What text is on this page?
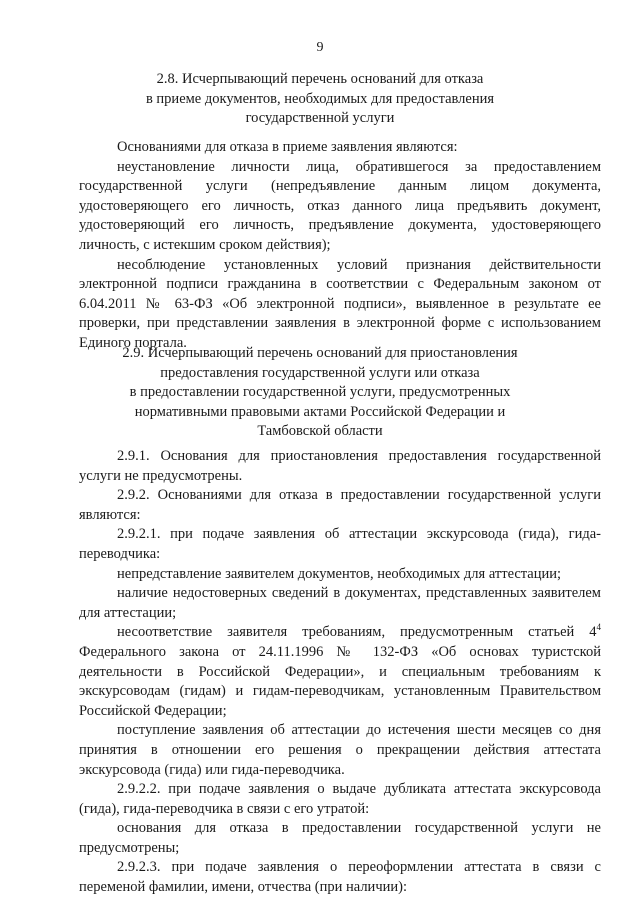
9
2.8. Исчерпывающий перечень оснований для отказа
в приеме документов, необходимых для предоставления
государственной услуги

Основаниями для отказа в приеме заявления являются:

неустановление личности лица, обратившегося за предоставлением государственной услуги (непредъявление данным лицом документа, удостоверяющего его личность, отказ данного лица предъявить документ, удостоверяющий его личность, предъявление документа, удостоверяющего личность, с истекшим сроком действия);

несоблюдение установленных условий признания действительности электронной подписи гражданина в соответствии с Федеральным законом от 6.04.2011 № 63-ФЗ «Об электронной подписи», выявленное в результате ее проверки, при представлении заявления в электронной форме с использованием Единого портала.

2.9. Исчерпывающий перечень оснований для приостановления
предоставления государственной услуги или отказа
в предоставлении государственной услуги, предусмотренных
нормативными правовыми актами Российской Федерации и
Тамбовской области

2.9.1. Основания для приостановления предоставления государственной услуги не предусмотрены.

2.9.2. Основаниями для отказа в предоставлении государственной услуги являются:

2.9.2.1. при подаче заявления об аттестации экскурсовода (гида), гида-переводчика:

непредставление заявителем документов, необходимых для аттестации;

наличие недостоверных сведений в документах, представленных заявителем для аттестации;

несоответствие заявителя требованиям, предусмотренным статьей $4^4$ Федерального закона от 24.11.1996 № 132-ФЗ «Об основах туристской деятельности в Российской Федерации», и специальным требованиям к экскурсоводам (гидам) и гидам-переводчикам, установленным Правительством Российской Федерации;

поступление заявления об аттестации до истечения шести месяцев со дня принятия в отношении его решения о прекращении действия аттестата экскурсовода (гида) или гида-переводчика.

2.9.2.2. при подаче заявления о выдаче дубликата аттестата экскурсовода (гида), гида-переводчика в связи с его утратой:

основания для отказа в предоставлении государственной услуги не предусмотрены;

2.9.2.3. при подаче заявления о переоформлении аттестата в связи с переменой фамилии, имени, отчества (при наличии):
